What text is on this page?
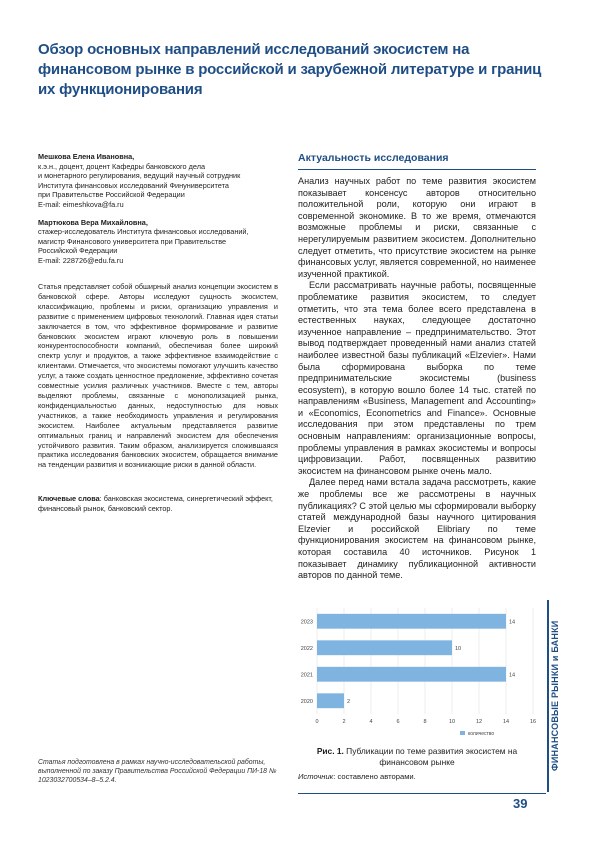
Обзор основных направлений исследований экосистем на финансовом рынке в российской и зарубежной литературе и границ их функционирования
Мешкова Елена Ивановна,
к.э.н., доцент, доцент Кафедры банковского дела
и монетарного регулирования, ведущий научный сотрудник
Института финансовых исследований Финуниверситета
при Правительстве Российской Федерации
E-mail: eimeshkova@fa.ru
Мартюкова Вера Михайловна,
стажер-исследователь Института финансовых исследований,
магистр Финансового университета при Правительстве
Российской Федерации
E-mail: 228726@edu.fa.ru

Статья представляет собой обширный анализ концепции экосистем в банковской сфере. Авторы исследуют сущность экосистем, классификацию, проблемы и риски, организацию управления и развитие с применением цифровых технологий. Главная идея статьи заключается в том, что эффективное формирование и развитие банковских экосистем играют ключевую роль в повышении конкурентоспособности компаний, обеспечивая более широкий спектр услуг и продуктов, а также эффективное взаимодействие с клиентами. Отмечается, что экосистемы помогают улучшить качество услуг, а также создать ценностное предложение, эффективно сочетая совместные усилия различных участников. Вместе с тем, авторы выделяют проблемы, связанные с монополизацией рынка, конфиденциальностью данных, недоступностью для новых участников, а также необходимость управления и регулирования экосистем. Наиболее актуальным представляется развитие оптимальных границ и направлений экосистем для обеспечения устойчивого развития. Таким образом, анализируется сложившаяся практика исследования банковских экосистем, обращается внимание на тенденции развития и возникающие риски в данной области.

Ключевые слова: банковская экосистема, синергетический эффект, финансовый рынок, банковский сектор.

Статья подготовлена в рамках научно-исследовательской работы, выполненной по заказу Правительства Российской Федерации ПИ-18 № 1023032700534–8–5.2.4.

Актуальность исследования

Анализ научных работ по теме развития экосистем показывает консенсус авторов относительно положительной роли, которую они играют в современной экономике. В то же время, отмечаются возможные проблемы и риски, связанные с нерегулируемым развитием экосистем. Дополнительно следует отметить, что присутствие экосистем на рынке финансовых услуг, является современной, но наименее изученной практикой.

Если рассматривать научные работы, посвященные проблематике развития экосистем, то следует отметить, что эта тема более всего представлена в естественных науках, следующее достаточно изученное направление – предпринимательство. Этот вывод подтверждает проведенный нами анализ статей наиболее известной базы публикаций «Elzevier». Нами была сформирована выборка по теме предпринимательские экосистемы (business ecosystem), в которую вошло более 14 тыс. статей по направлениям «Business, Management and Accounting» и «Economics, Econometrics and Finance». Основные исследования при этом представлены по трем основным направлениям: организационные вопросы, проблемы управления в рамках экосистемы и вопросы цифровизации. Работ, посвященных развитию экосистем на финансовом рынке очень мало.

Далее перед нами встала задача рассмотреть, какие же проблемы все же рассмотрены в научных публикациях? С этой целью мы сформировали выборку статей международной базы научного цитирования Elzevier и российской Elibriary по теме функционирования экосистем на финансовом рынке, которая составила 40 источников. Рисунок 1 показывает динамику публикационной активности авторов по данной теме.

0	2	4	6	8	10	12	14	16
2023	14
2022	10
2021	14
2020	2
количество

Рис. 1. Публикации по теме развития экосистем на финансовом рынке

Источник: составлено авторами.

ФИНАНСОВЫЕ РЫНКИ и БАНКИ

39
